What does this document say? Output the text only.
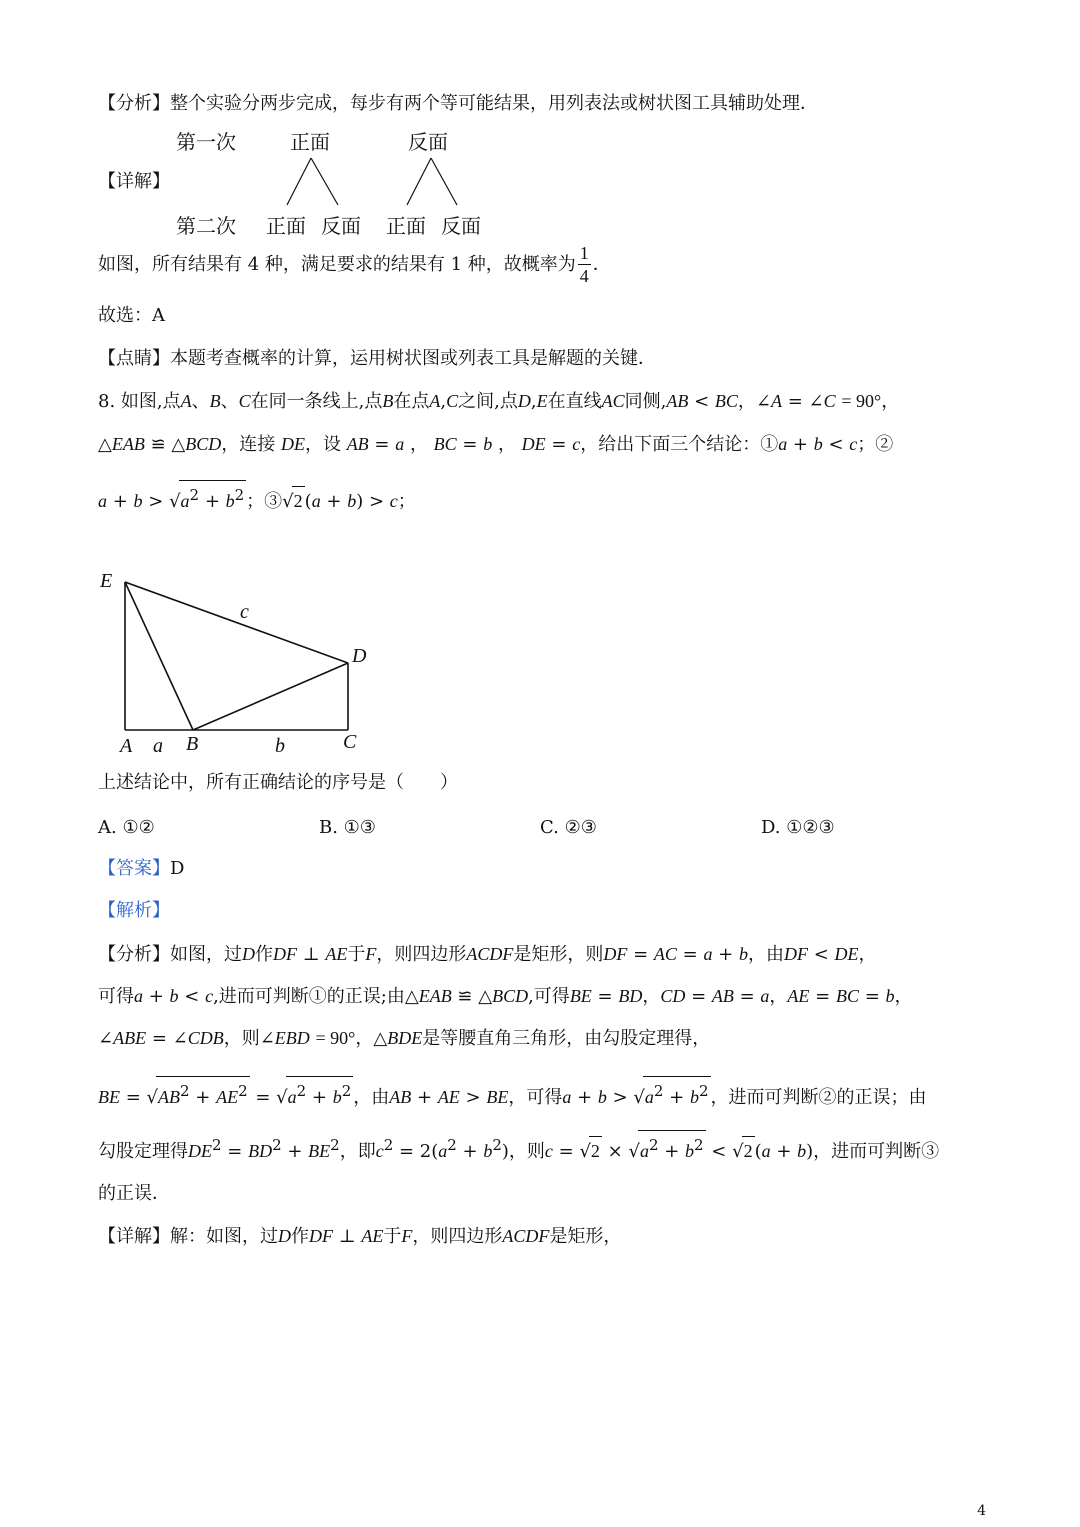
【分析】整个实验分两步完成，每步有两个等可能结果，用列表法或树状图工具辅助处理．
第一次	正面	反面
【详解】
第二次 正面 反面 正面 反面
如图，所有结果有 4 种，满足要求的结果有 1 种，故概率为 $\frac{1}{4}$ ．
故选：A
【点睛】本题考查概率的计算，运用树状图或列表工具是解题的关键．
8. 如图,点A、B、C在同一条线上,点B在点A,C之间,点D,E在直线AC同侧,AB < BC，∠A = ∠C = 90°，
△EAB ≌ △BCD，连接 DE，设 AB = a ， BC = b ， DE = c，给出下面三个结论：①a + b < c；②
$a + b > √a^2 + b^2$ ；③√2 (a + b) > c；
E
D
A	B	C
a	b
c
上述结论中，所有正确结论的序号是（　　）
A. ①②	B. ①③	C. ②③	D. ①②③
【答案】D
【解析】
【分析】如图，过D作DF ⊥ AE于F，则四边形ACDF是矩形，则DF = AC = a + b，由DF < DE，
可得a + b < c,进而可判断①的正误;由△EAB ≌ △BCD,可得BE = BD，CD = AB = a，AE = BC = b，
∠ABE = ∠CDB，则∠EBD = 90°，△BDE是等腰直角三角形，由勾股定理得，
BE = $√AB^2 + AE^2 = √a^2 + b^2$ ，由AB + AE > BE，可得$a + b > √a^2 + b^2$ ，进而可判断②的正误；由
勾股定理得$DE^2 = BD^2 + BE^2$，即$c^2 = 2(a^2 + b^2)$，则$c = √2 \times √a^2 + b^2 < √2$ (a + b)，进而可判断③
的正误．
【详解】解：如图，过D作DF ⊥ AE于F，则四边形ACDF是矩形，
4
